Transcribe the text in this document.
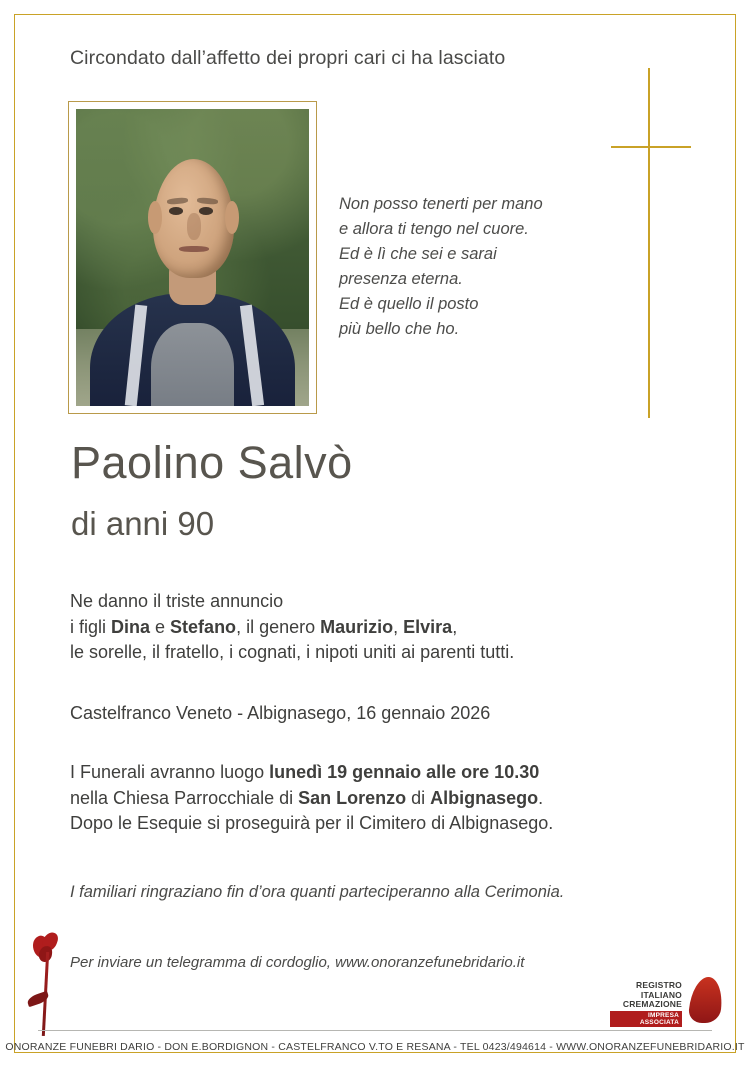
Circondato dall’affetto dei propri cari ci ha lasciato
Non posso tenerti per mano
e allora ti tengo nel cuore.
Ed è lì che sei e sarai
presenza eterna.
Ed è quello il posto
più bello che ho.
Paolino Salvò
di anni 90
Ne danno il triste annuncio
i figli Dina e Stefano, il genero Maurizio, Elvira,
le sorelle, il fratello, i cognati, i nipoti uniti ai parenti tutti.
Castelfranco Veneto - Albignasego, 16 gennaio 2026
I Funerali avranno luogo lunedì 19 gennaio alle ore 10.30
nella Chiesa Parrocchiale di San Lorenzo di Albignasego.
Dopo le Esequie si proseguirà per il Cimitero di Albignasego.
I familiari ringraziano fin d’ora quanti parteciperanno alla Cerimonia.
Per inviare un telegramma di cordoglio, www.onoranzefunebridario.it
REGISTRO
ITALIANO
CREMAZIONE
IMPRESA ASSOCIATA
ONORANZE FUNEBRI DARIO - DON E.BORDIGNON - CASTELFRANCO V.TO E RESANA - TEL 0423/494614 - WWW.ONORANZEFUNEBRIDARIO.IT
